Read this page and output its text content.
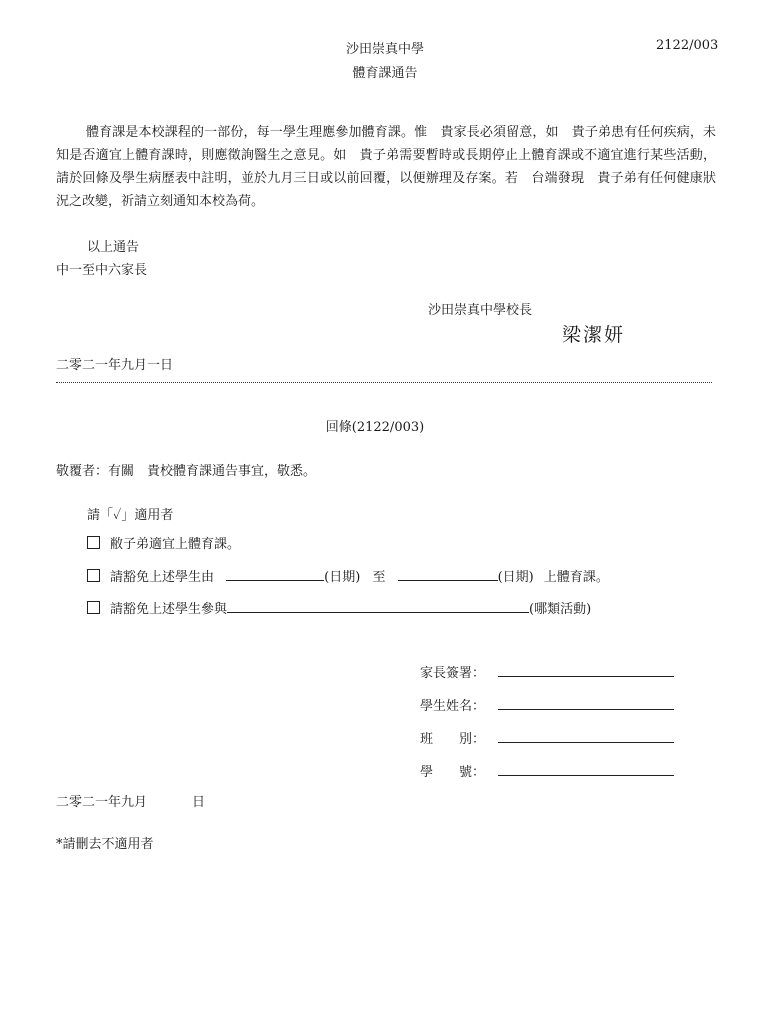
沙田崇真中學	2122/003
體育課通告
體育課是本校課程的一部份，每一學生理應參加體育課。惟　貴家長必須留意，如　貴子弟患有任何疾病，未知是否適宜上體育課時，則應徵詢醫生之意見。如　貴子弟需要暫時或長期停止上體育課或不適宜進行某些活動，請於回條及學生病歷表中註明，並於九月三日或以前回覆，以便辦理及存案。若　台端發現　貴子弟有任何健康狀況之改變，祈請立刻通知本校為荷。
以上通告
中一至中六家長
沙田崇真中學校長
梁潔妍
二零二一年九月一日
回條(2122/003)
敬覆者：有關　貴校體育課通告事宜，敬悉。
請「✓」適用者
敝子弟適宜上體育課。
請豁免上述學生由	(日期) 至	(日期) 上體育課。
請豁免上述學生參與	(哪類活動)
家長簽署：
學生姓名：
班　　別：
學　　號：
二零二一年九月	日
*請刪去不適用者
